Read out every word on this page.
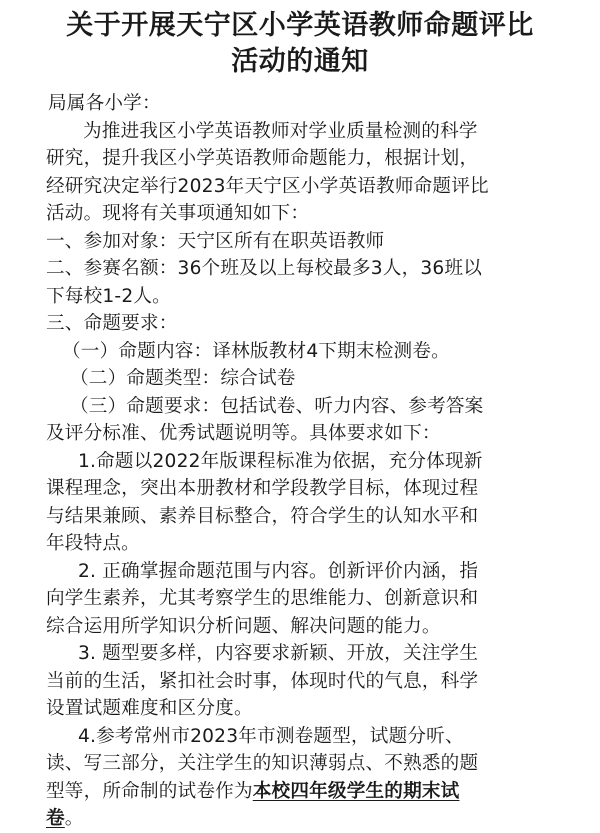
关于开展天宁区小学英语教师命题评比
活动的通知
局属各小学：
为推进我区小学英语教师对学业质量检测的科学
研究，提升我区小学英语教师命题能力，根据计划，
经研究决定举行2023年天宁区小学英语教师命题评比
活动。现将有关事项通知如下：
一、参加对象：天宁区所有在职英语教师
二、参赛名额：36个班及以上每校最多3人，36班以
下每校1-2人。
三、命题要求：
（一）命题内容：译林版教材4下期末检测卷。
（二）命题类型：综合试卷
（三）命题要求：包括试卷、听力内容、参考答案
及评分标准、优秀试题说明等。具体要求如下：
1.命题以2022年版课程标准为依据，充分体现新
课程理念，突出本册教材和学段教学目标，体现过程
与结果兼顾、素养目标整合，符合学生的认知水平和
年段特点。
2. 正确掌握命题范围与内容。创新评价内涵，指
向学生素养，尤其考察学生的思维能力、创新意识和
综合运用所学知识分析问题、解决问题的能力。
3. 题型要多样，内容要求新颖、开放，关注学生
当前的生活，紧扣社会时事，体现时代的气息，科学
设置试题难度和区分度。
4.参考常州市2023年市测卷题型，试题分听、
读、写三部分，关注学生的知识薄弱点、不熟悉的题
型等，所命制的试卷作为本校四年级学生的期末试
卷。
